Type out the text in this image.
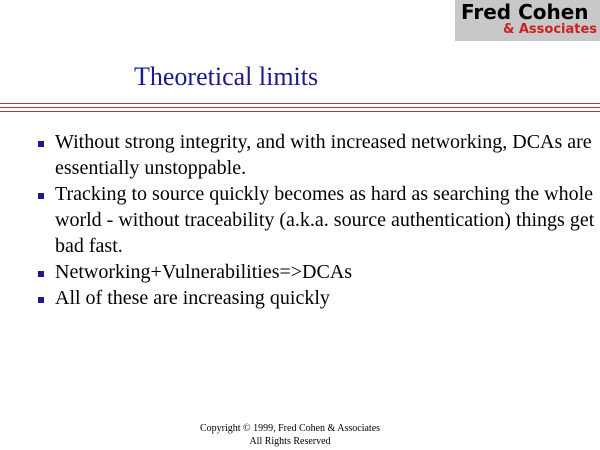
Fred Cohen
& Associates
Theoretical limits
Without strong integrity, and with increased networking, DCAs are essentially unstoppable.
Tracking to source quickly becomes as hard as searching the whole world - without traceability (a.k.a. source authentication) things get bad fast.
Networking+Vulnerabilities=>DCAs
All of these are increasing quickly
Copyright © 1999, Fred Cohen & Associates
All Rights Reserved
